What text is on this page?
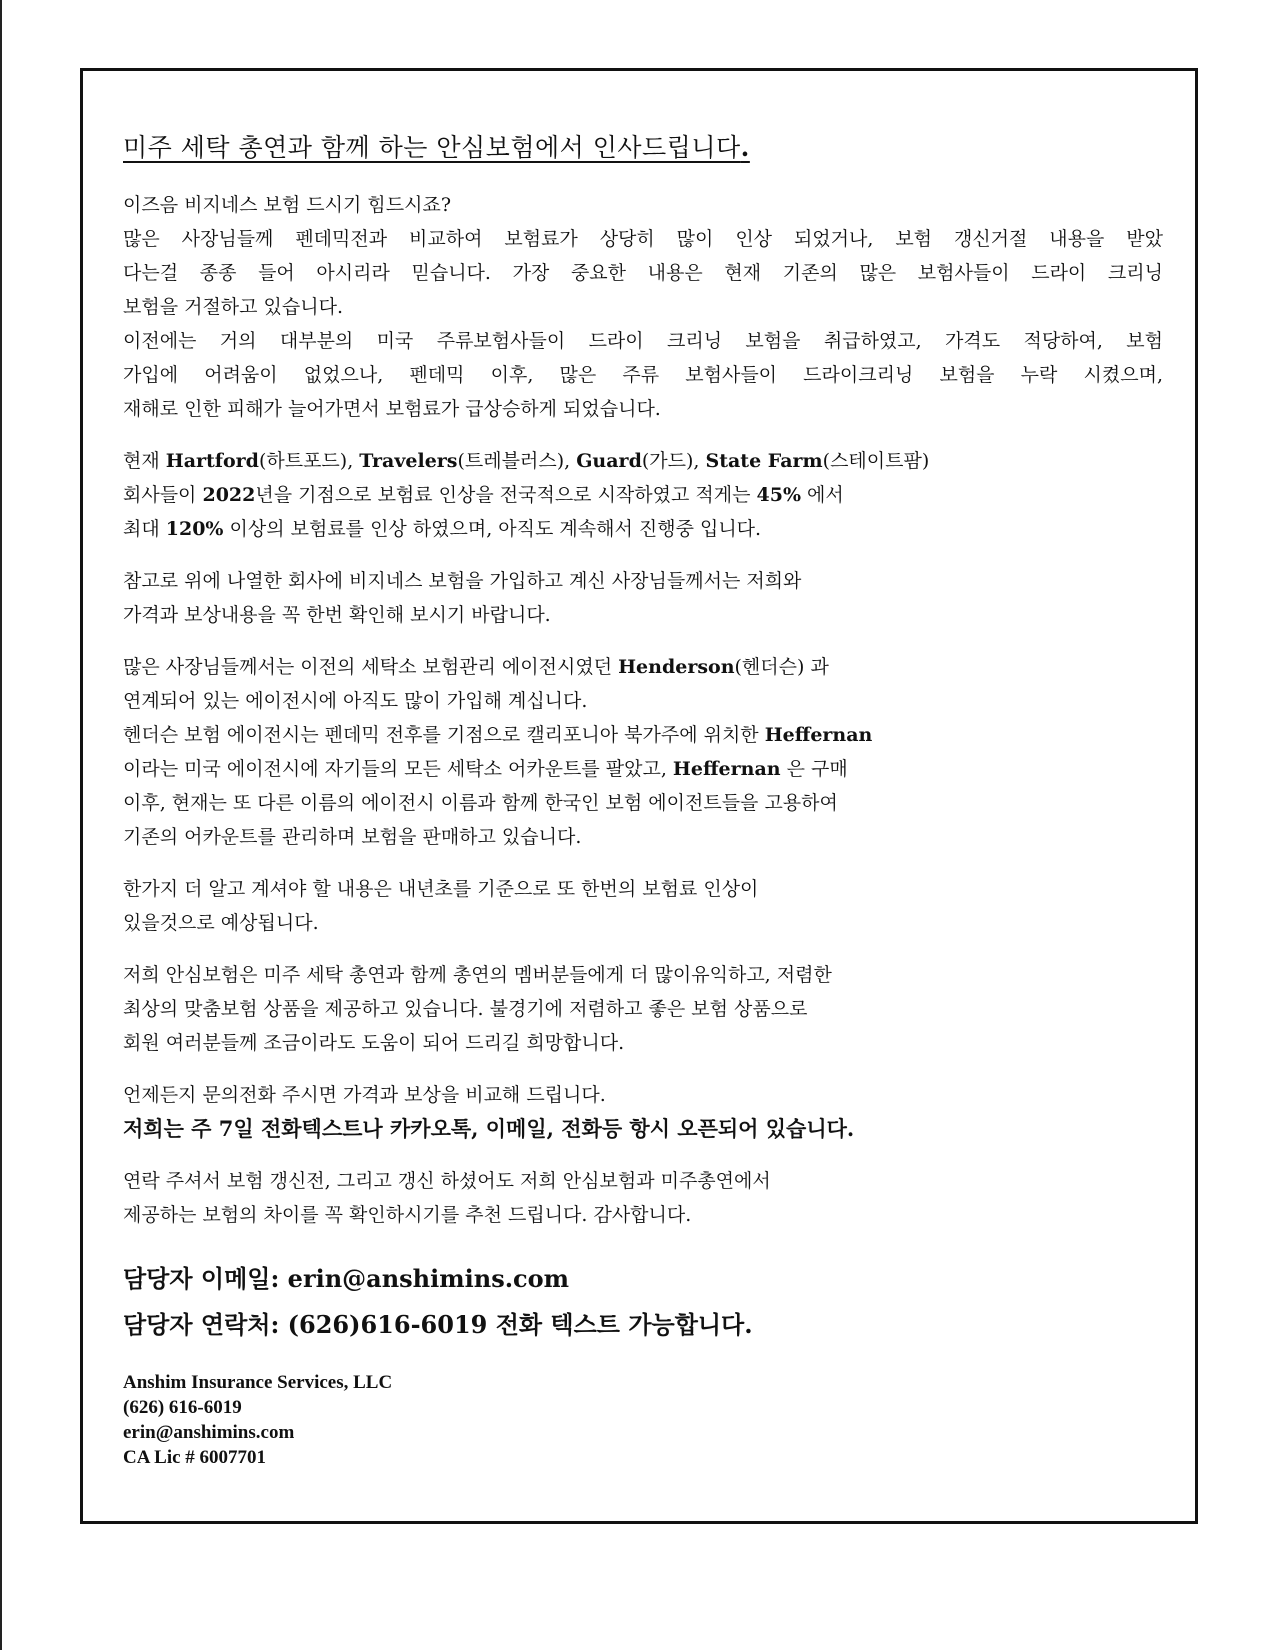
미주 세탁 총연과 함께 하는 안심보험에서 인사드립니다.
이즈음 비지네스 보험 드시기 힘드시죠?
많은 사장님들께 펜데믹전과 비교하여 보험료가 상당히 많이 인상 되었거나, 보험 갱신거절 내용을 받았
다는걸 종종 들어 아시리라 믿습니다. 가장 중요한 내용은 현재 기존의 많은 보험사들이 드라이 크리닝
보험을 거절하고 있습니다.
이전에는 거의 대부분의 미국 주류보험사들이 드라이 크리닝 보험을 취급하였고, 가격도 적당하여, 보험
가입에 어려움이 없었으나, 펜데믹 이후, 많은 주류 보험사들이 드라이크리닝 보험을 누락 시켰으며,
재해로 인한 피해가 늘어가면서 보험료가 급상승하게 되었습니다.
현재 Hartford(하트포드), Travelers(트레블러스), Guard(가드), State Farm(스테이트팜)
회사들이 2022년을 기점으로 보험료 인상을 전국적으로 시작하였고 적게는 45% 에서
최대 120% 이상의 보험료를 인상 하였으며, 아직도 계속해서 진행중 입니다.
참고로 위에 나열한 회사에 비지네스 보험을 가입하고 계신 사장님들께서는 저희와
가격과 보상내용을 꼭 한번 확인해 보시기 바랍니다.
많은 사장님들께서는 이전의 세탁소 보험관리 에이전시였던 Henderson(헨더슨) 과
연계되어 있는 에이전시에 아직도 많이 가입해 계십니다.
헨더슨 보험 에이전시는 펜데믹 전후를 기점으로 캘리포니아 북가주에 위치한 Heffernan
이라는 미국 에이전시에 자기들의 모든 세탁소 어카운트를 팔았고, Heffernan 은 구매
이후, 현재는 또 다른 이름의 에이전시 이름과 함께 한국인 보험 에이전트들을 고용하여
기존의 어카운트를 관리하며 보험을 판매하고 있습니다.
한가지 더 알고 계셔야 할 내용은 내년초를 기준으로 또 한번의 보험료 인상이
있을것으로 예상됩니다.
저희 안심보험은 미주 세탁 총연과 함께 총연의 멤버분들에게 더 많이유익하고, 저렴한
최상의 맞춤보험 상품을 제공하고 있습니다. 불경기에 저렴하고 좋은 보험 상품으로
회원 여러분들께 조금이라도 도움이 되어 드리길 희망합니다.
언제든지 문의전화 주시면 가격과 보상을 비교해 드립니다.
저희는 주 7일 전화텍스트나 카카오톡, 이메일, 전화등 항시 오픈되어 있습니다.
연락 주셔서 보험 갱신전, 그리고 갱신 하셨어도 저희 안심보험과 미주총연에서
제공하는 보험의 차이를 꼭 확인하시기를 추천 드립니다. 감사합니다.
담당자 이메일: erin@anshimins.com
담당자 연락처: (626)616-6019 전화 텍스트 가능합니다.
Anshim Insurance Services, LLC
(626) 616-6019
erin@anshimins.com
CA Lic # 6007701
